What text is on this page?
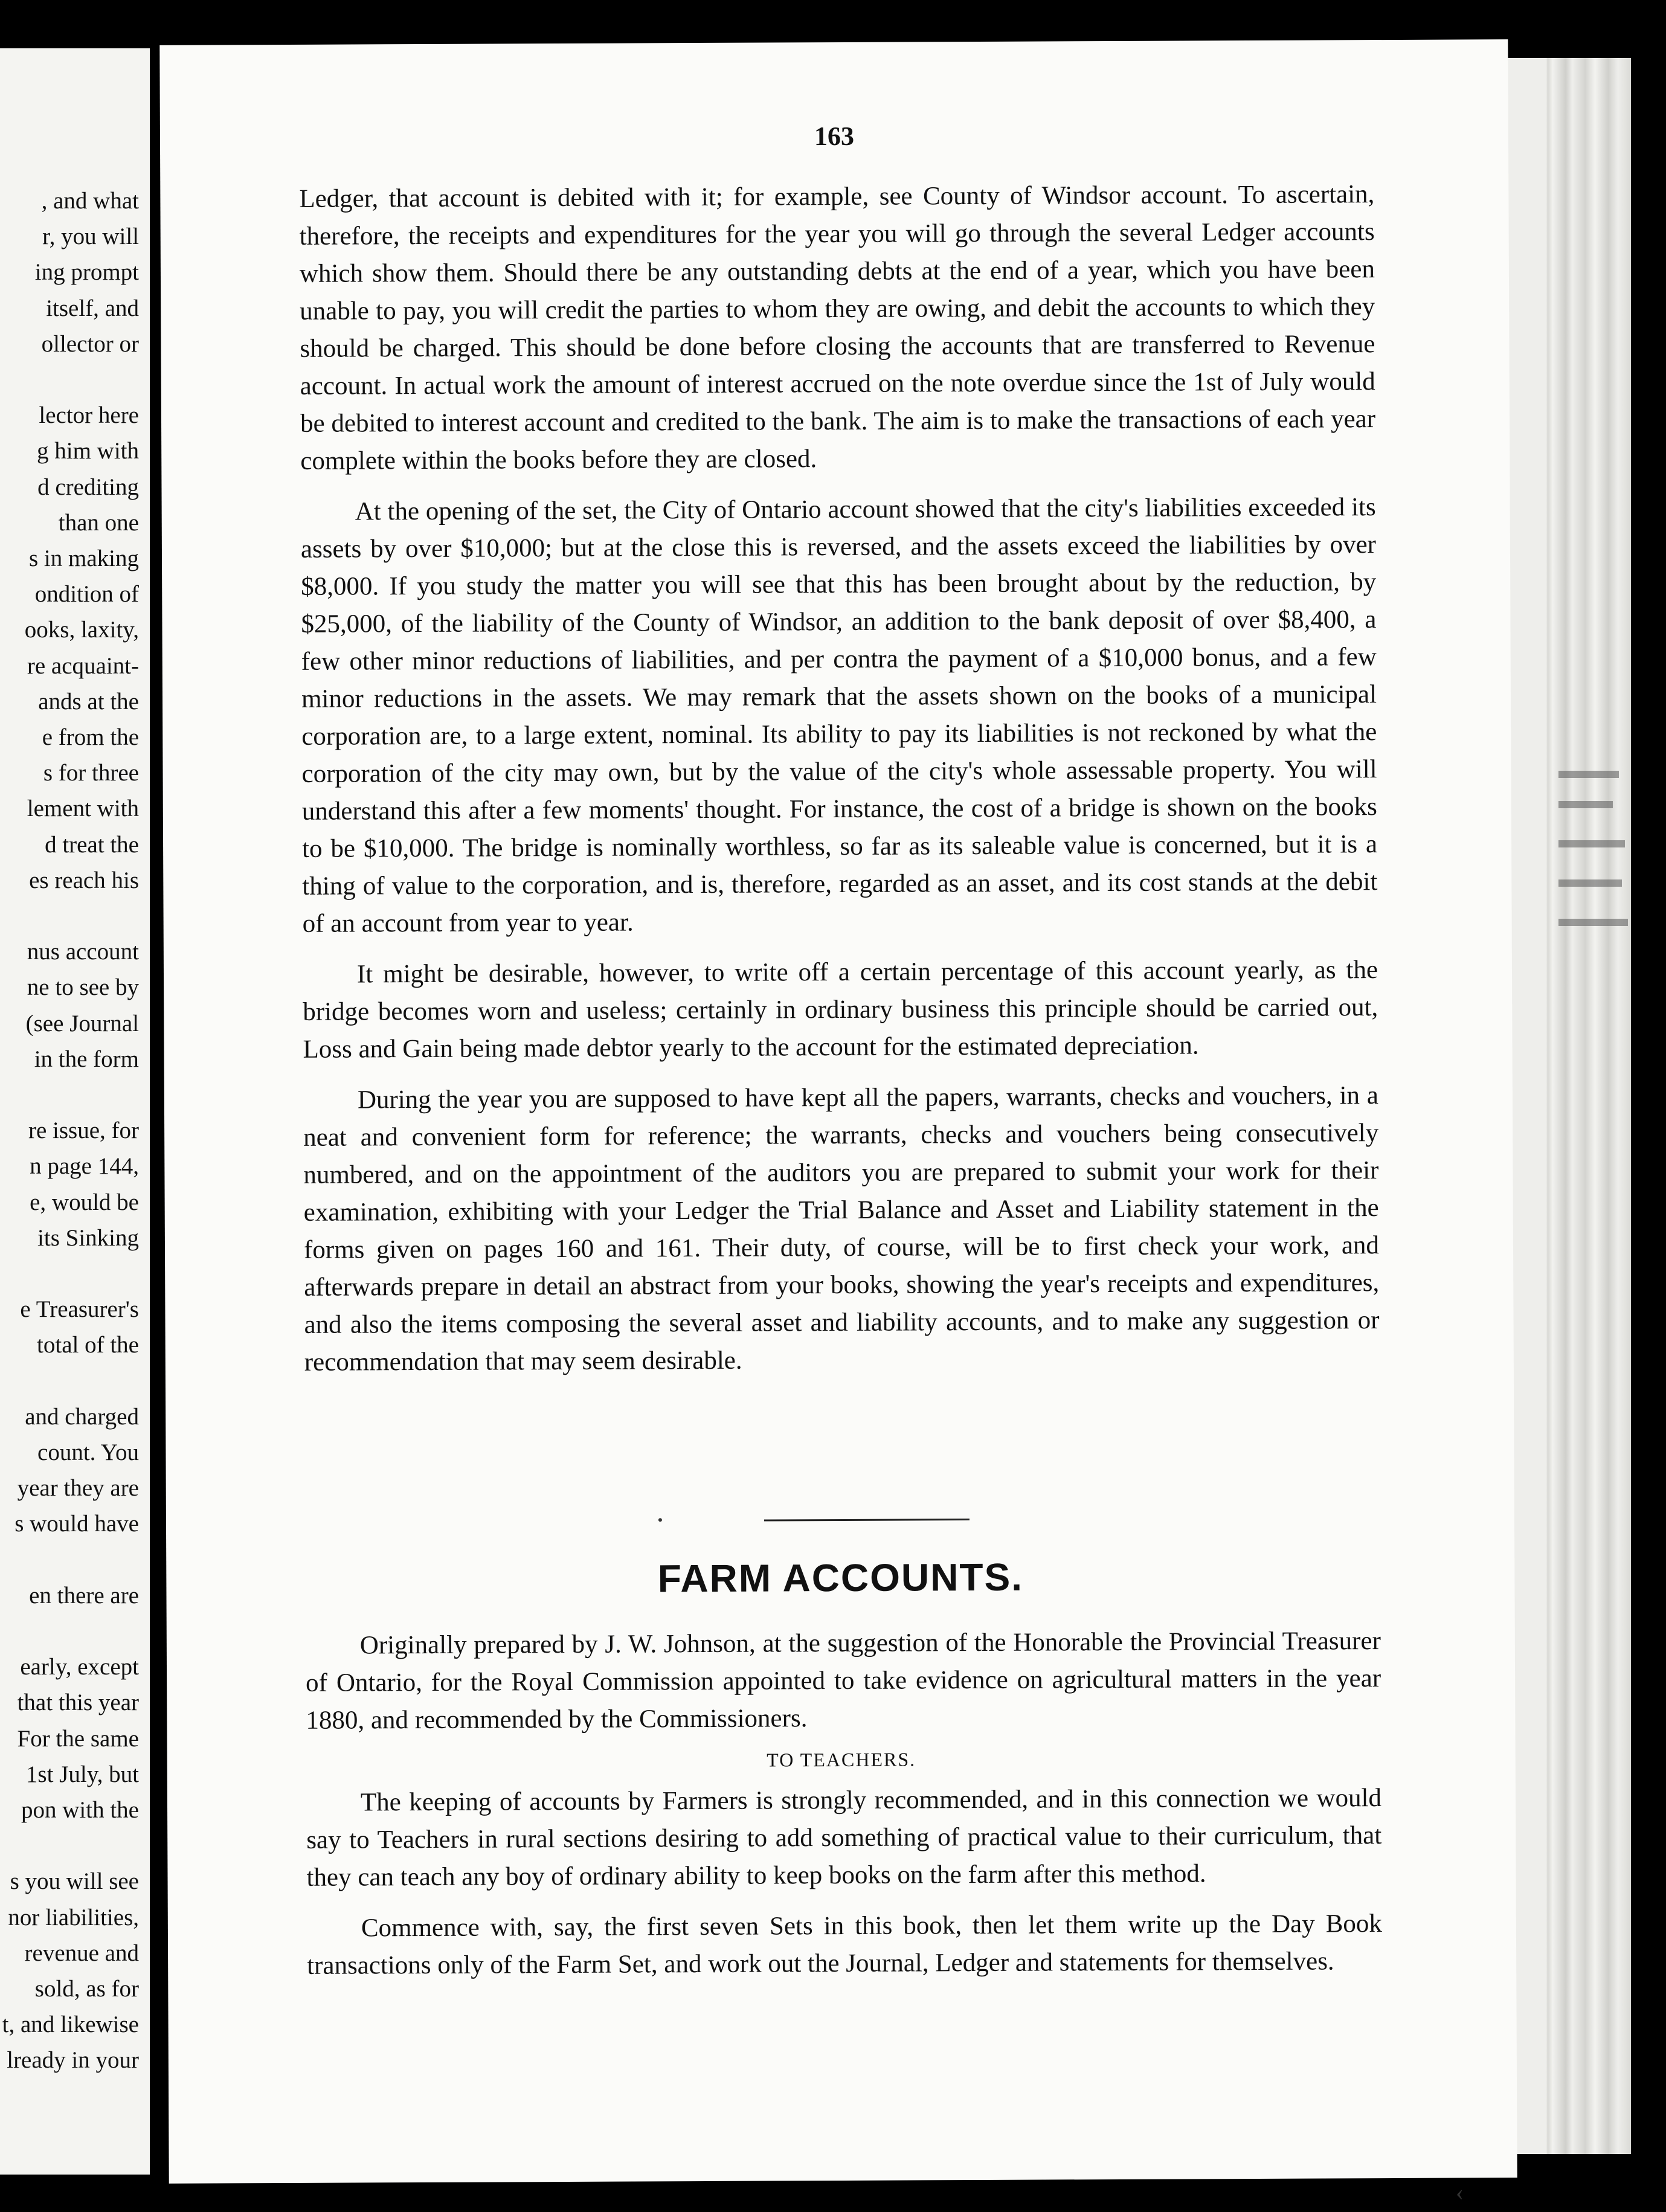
, and what
r, you will
ing prompt
itself, and
ollector or
lector here
g him with
d crediting
than one
s in making
ondition of
ooks, laxity,
re acquaint-
ands at the
e from the
s for three
lement with
d treat the
es reach his
nus account
ne to see by
(see Journal
in the form
re issue, for
n page 144,
e, would be
its Sinking
e Treasurer's
total of the
and charged
count. You
year they are
s would have
en there are
early, except
that this year
For the same
1st July, but
pon with the
s you will see
nor liabilities,
revenue and
sold, as for
t, and likewise
lready in your
163

Ledger, that account is debited with it; for example, see County of Windsor account. To ascertain, therefore, the receipts and expenditures for the year you will go through the several Ledger accounts which show them. Should there be any outstanding debts at the end of a year, which you have been unable to pay, you will credit the parties to whom they are owing, and debit the accounts to which they should be charged. This should be done before closing the accounts that are transferred to Revenue account. In actual work the amount of interest accrued on the note overdue since the 1st of July would be debited to interest account and credited to the bank. The aim is to make the transactions of each year complete within the books before they are closed.

At the opening of the set, the City of Ontario account showed that the city's liabilities exceeded its assets by over $10,000; but at the close this is reversed, and the assets exceed the liabilities by over $8,000. If you study the matter you will see that this has been brought about by the reduction, by $25,000, of the liability of the County of Windsor, an addition to the bank deposit of over $8,400, a few other minor reductions of liabilities, and per contra the payment of a $10,000 bonus, and a few minor reductions in the assets. We may remark that the assets shown on the books of a municipal corporation are, to a large extent, nominal. Its ability to pay its liabilities is not reckoned by what the corporation of the city may own, but by the value of the city's whole assessable property. You will understand this after a few moments' thought. For instance, the cost of a bridge is shown on the books to be $10,000. The bridge is nominally worthless, so far as its saleable value is concerned, but it is a thing of value to the corporation, and is, therefore, regarded as an asset, and its cost stands at the debit of an account from year to year.

It might be desirable, however, to write off a certain percentage of this account yearly, as the bridge becomes worn and useless; certainly in ordinary business this principle should be carried out, Loss and Gain being made debtor yearly to the account for the estimated depreciation.

During the year you are supposed to have kept all the papers, warrants, checks and vouchers, in a neat and convenient form for reference; the warrants, checks and vouchers being consecutively numbered, and on the appointment of the auditors you are prepared to submit your work for their examination, exhibiting with your Ledger the Trial Balance and Asset and Liability statement in the forms given on pages 160 and 161. Their duty, of course, will be to first check your work, and afterwards prepare in detail an abstract from your books, showing the year's receipts and expenditures, and also the items composing the several asset and liability accounts, and to make any suggestion or recommendation that may seem desirable.

FARM ACCOUNTS.

Originally prepared by J. W. Johnson, at the suggestion of the Honorable the Provincial Treasurer of Ontario, for the Royal Commission appointed to take evidence on agricultural matters in the year 1880, and recommended by the Commissioners.

TO TEACHERS.

The keeping of accounts by Farmers is strongly recommended, and in this connection we would say to Teachers in rural sections desiring to add something of practical value to their curriculum, that they can teach any boy of ordinary ability to keep books on the farm after this method.

Commence with, say, the first seven Sets in this book, then let them write up the Day Book transactions only of the Farm Set, and work out the Journal, Ledger and statements for themselves.

‹
